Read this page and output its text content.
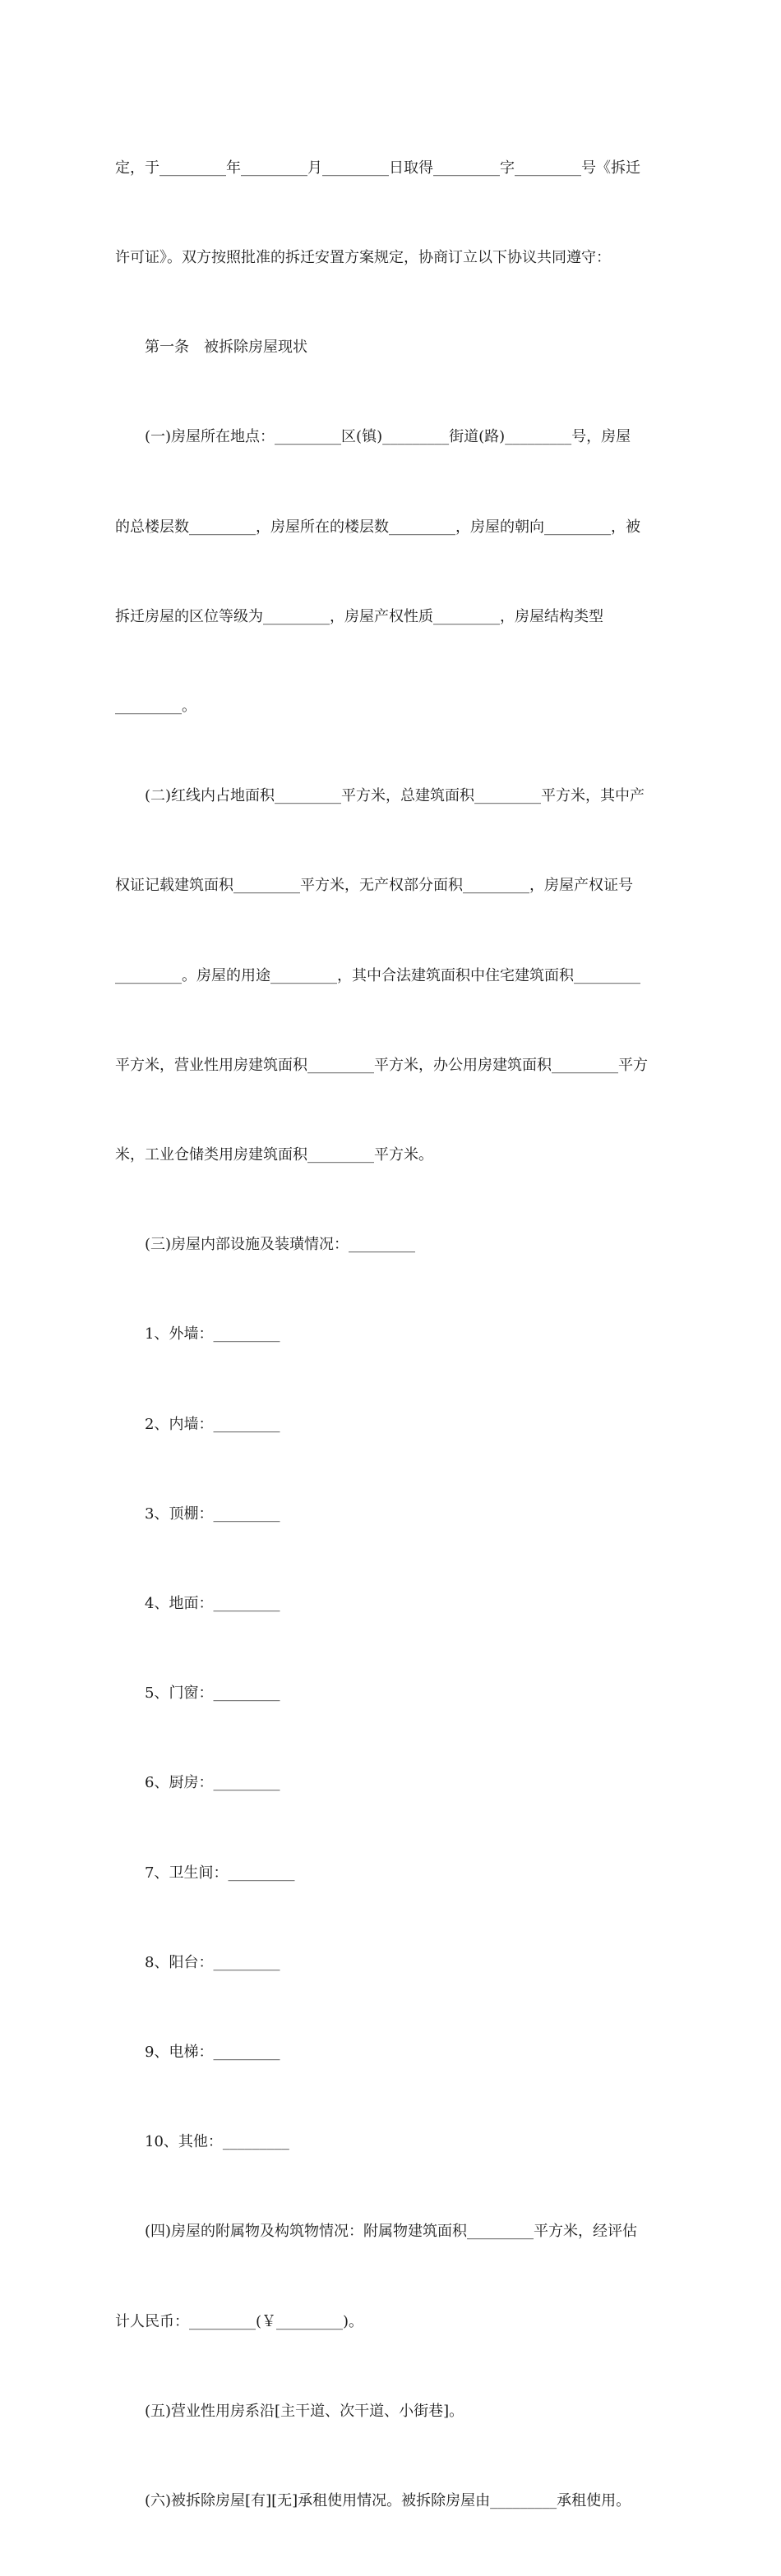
定，于_________年_________月_________日取得_________字_________号《拆迁

许可证》。双方按照批准的拆迁安置方案规定，协商订立以下协议共同遵守：

第一条　被拆除房屋现状

(一)房屋所在地点：_________区(镇)_________街道(路)_________号，房屋

的总楼层数_________，房屋所在的楼层数_________，房屋的朝向_________，被

拆迁房屋的区位等级为_________，房屋产权性质_________，房屋结构类型

_________。

(二)红线内占地面积_________平方米，总建筑面积_________平方米，其中产

权证记载建筑面积_________平方米，无产权部分面积_________，房屋产权证号

_________。房屋的用途_________，其中合法建筑面积中住宅建筑面积_________

平方米，营业性用房建筑面积_________平方米，办公用房建筑面积_________平方

米，工业仓储类用房建筑面积_________平方米。

(三)房屋内部设施及装璜情况：_________

1、外墙：_________

2、内墙：_________

3、顶棚：_________

4、地面：_________

5、门窗：_________

6、厨房：_________

7、卫生间：_________

8、阳台：_________

9、电梯：_________

10、其他：_________

(四)房屋的附属物及构筑物情况：附属物建筑面积_________平方米，经评估

计人民币：_________(￥_________)。

(五)营业性用房系沿[主干道、次干道、小街巷]。

(六)被拆除房屋[有][无]承租使用情况。被拆除房屋由_________承租使用。
